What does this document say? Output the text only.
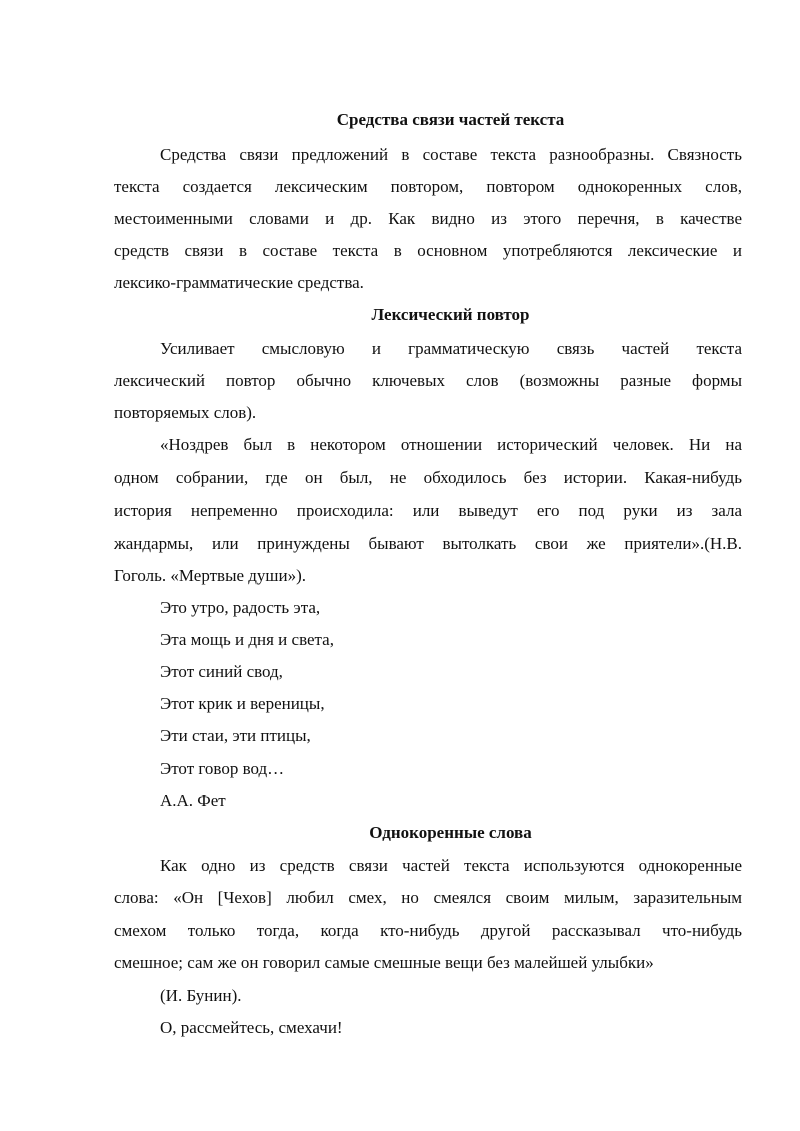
Средства связи частей текста
Средства связи предложений в составе текста разнообразны. Связность
текста создается лексическим повтором, повтором однокоренных слов,
местоименными словами и др. Как видно из этого перечня, в качестве
средств связи в составе текста в основном употребляются лексические и
лексико-грамматические средства.
Лексический повтор
Усиливает смысловую и грамматическую связь частей текста
лексический повтор обычно ключевых слов (возможны разные формы
повторяемых слов).
«Ноздрев был в некотором отношении исторический человек. Ни на
одном собрании, где он был, не обходилось без истории. Какая-нибудь
история непременно происходила: или выведут его под руки из зала
жандармы, или принуждены бывают вытолкать свои же приятели».(Н.В.
Гоголь. «Мертвые души»).
Это утро, радость эта,
Эта мощь и дня и света,
Этот синий свод,
Этот крик и вереницы,
Эти стаи, эти птицы,
Этот говор вод…
А.А. Фет
Однокоренные слова
Как одно из средств связи частей текста используются однокоренные
слова: «Он [Чехов] любил смех, но смеялся своим милым, заразительным
смехом только тогда, когда кто-нибудь другой рассказывал что-нибудь
смешное; сам же он говорил самые смешные вещи без малейшей улыбки»
(И. Бунин).
О, рассмейтесь, смехачи!
